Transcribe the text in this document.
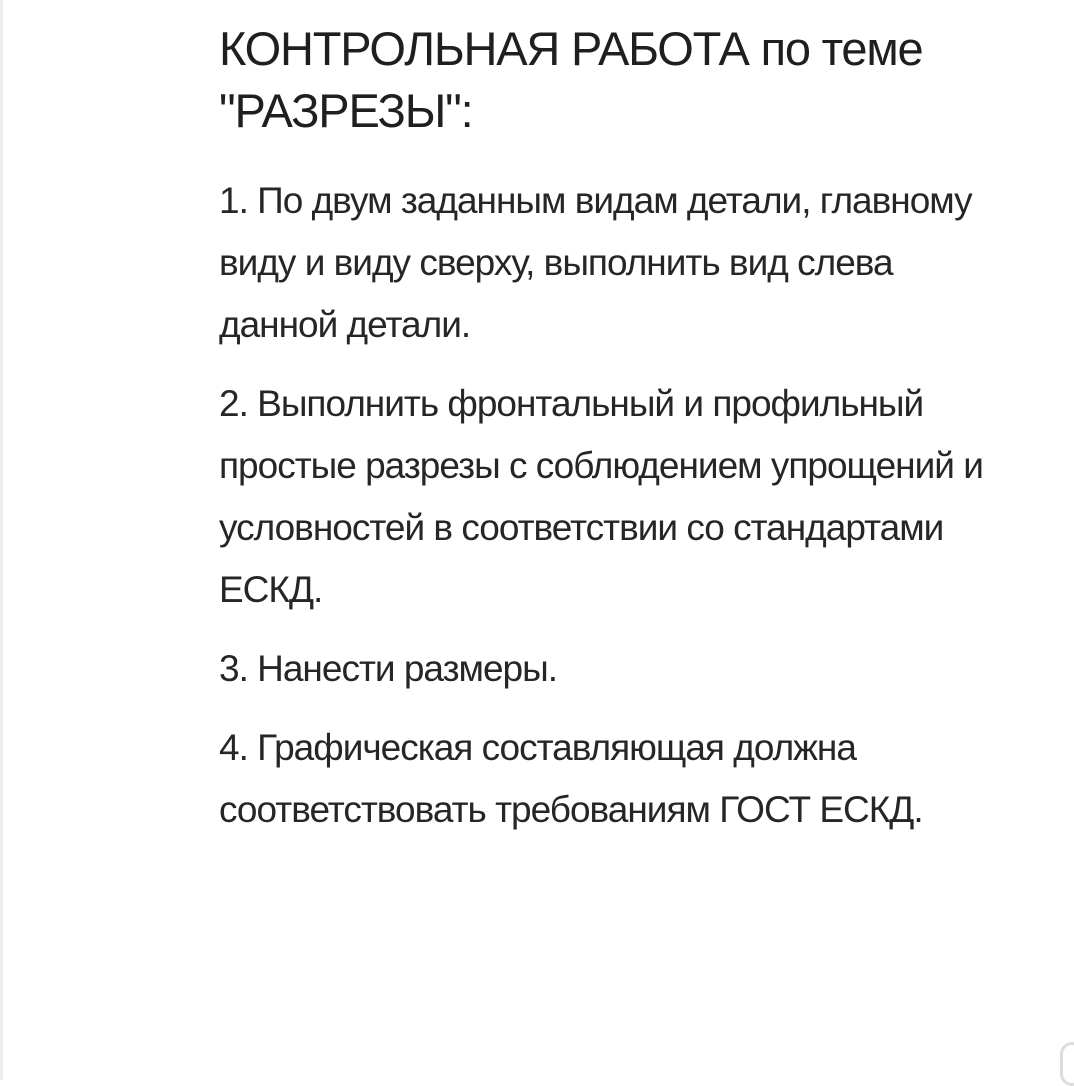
КОНТРОЛЬНАЯ РАБОТА по теме "РАЗРЕЗЫ":
1. По двум заданным видам детали, главному виду и виду сверху, выполнить вид слева данной детали.
2. Выполнить фронтальный и профильный простые разрезы с соблюдением упрощений и условностей в соответствии со стандартами ЕСКД.
3. Нанести размеры.
4. Графическая составляющая должна соответствовать требованиям ГОСТ ЕСКД.
